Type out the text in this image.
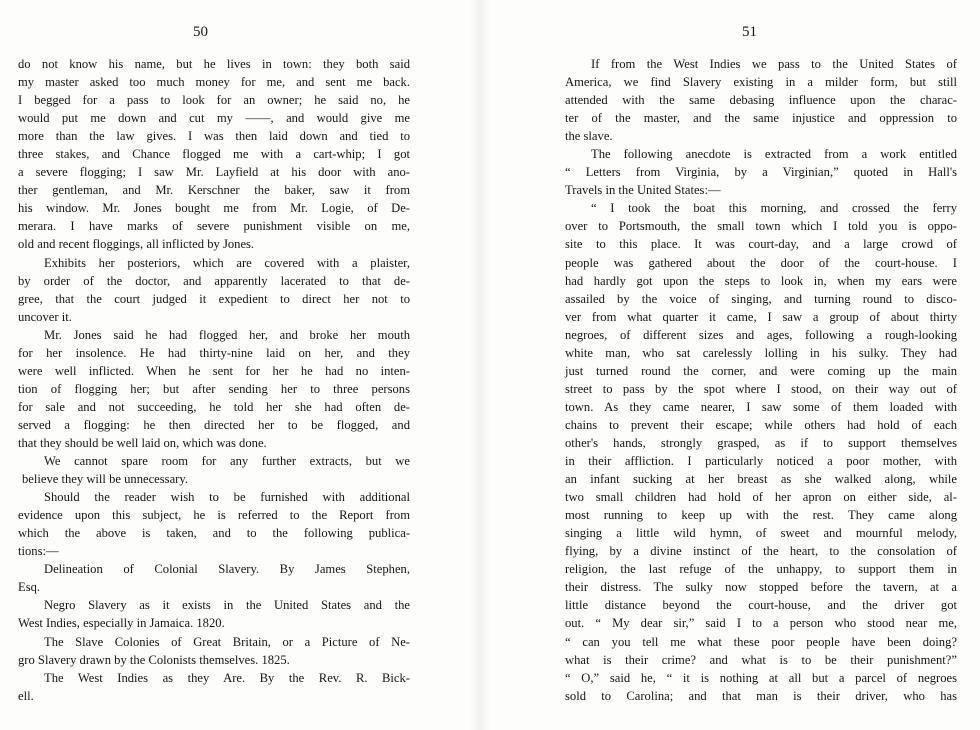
50
do not know his name, but he lives in town: they both said
my master asked too much money for me, and sent me back.
I begged for a pass to look for an owner; he said no, he
would put me down and cut my ——, and would give me
more than the law gives. I was then laid down and tied to
three stakes, and Chance flogged me with a cart-whip; I got
a severe flogging; I saw Mr. Layfield at his door with ano-
ther gentleman, and Mr. Kerschner the baker, saw it from
his window. Mr. Jones bought me from Mr. Logie, of De-
merara. I have marks of severe punishment visible on me,
old and recent floggings, all inflicted by Jones.
Exhibits her posteriors, which are covered with a plaister,
by order of the doctor, and apparently lacerated to that de-
gree, that the court judged it expedient to direct her not to
uncover it.
Mr. Jones said he had flogged her, and broke her mouth
for her insolence. He had thirty-nine laid on her, and they
were well inflicted. When he sent for her he had no inten-
tion of flogging her; but after sending her to three persons
for sale and not succeeding, he told her she had often de-
served a flogging: he then directed her to be flogged, and
that they should be well laid on, which was done.
We cannot spare room for any further extracts, but we
believe they will be unnecessary.
Should the reader wish to be furnished with additional
evidence upon this subject, he is referred to the Report from
which the above is taken, and to the following publica-
tions:—
Delineation of Colonial Slavery. By James Stephen,
Esq.
Negro Slavery as it exists in the United States and the
West Indies, especially in Jamaica. 1820.
The Slave Colonies of Great Britain, or a Picture of Ne-
gro Slavery drawn by the Colonists themselves. 1825.
The West Indies as they Are. By the Rev. R. Bick-
ell.
51
If from the West Indies we pass to the United States of
America, we find Slavery existing in a milder form, but still
attended with the same debasing influence upon the charac-
ter of the master, and the same injustice and oppression to
the slave.
The following anecdote is extracted from a work entitled
“ Letters from Virginia, by a Virginian,” quoted in Hall's
Travels in the United States:—
“ I took the boat this morning, and crossed the ferry
over to Portsmouth, the small town which I told you is oppo-
site to this place. It was court-day, and a large crowd of
people was gathered about the door of the court-house. I
had hardly got upon the steps to look in, when my ears were
assailed by the voice of singing, and turning round to disco-
ver from what quarter it came, I saw a group of about thirty
negroes, of different sizes and ages, following a rough-looking
white man, who sat carelessly lolling in his sulky. They had
just turned round the corner, and were coming up the main
street to pass by the spot where I stood, on their way out of
town. As they came nearer, I saw some of them loaded with
chains to prevent their escape; while others had hold of each
other's hands, strongly grasped, as if to support themselves
in their affliction. I particularly noticed a poor mother, with
an infant sucking at her breast as she walked along, while
two small children had hold of her apron on either side, al-
most running to keep up with the rest. They came along
singing a little wild hymn, of sweet and mournful melody,
flying, by a divine instinct of the heart, to the consolation of
religion, the last refuge of the unhappy, to support them in
their distress. The sulky now stopped before the tavern, at a
little distance beyond the court-house, and the driver got
out. “ My dear sir,” said I to a person who stood near me,
“ can you tell me what these poor people have been doing?
what is their crime? and what is to be their punishment?”
“ O,” said he, “ it is nothing at all but a parcel of negroes
sold to Carolina; and that man is their driver, who has
